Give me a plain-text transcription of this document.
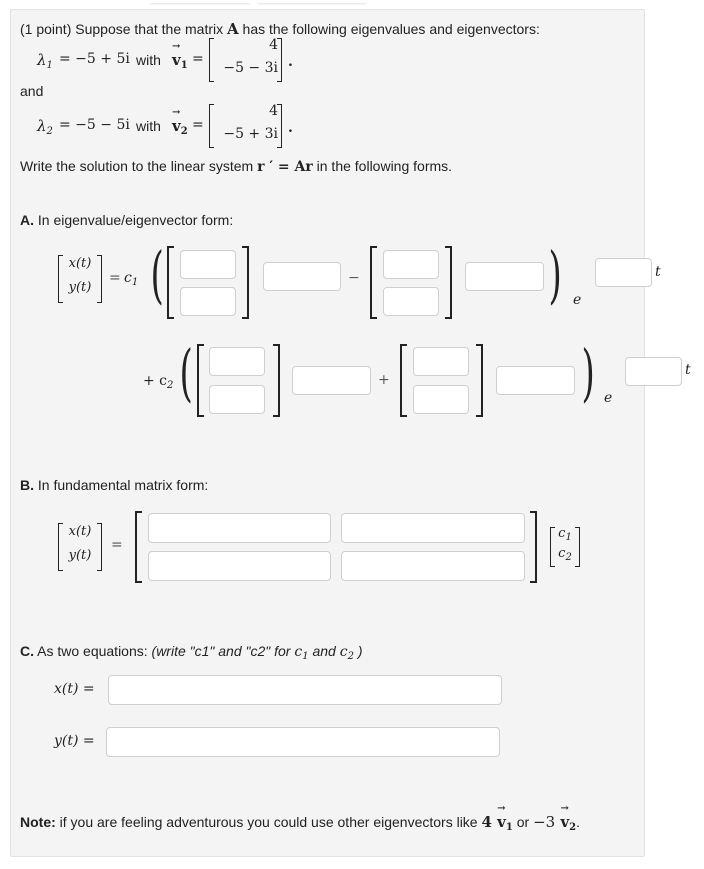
(1 point) Suppose that the matrix A has the following eigenvalues and eigenvectors:
$\lambda_1 = -5 + 5i$ with → $v_1$ =
4
−5 − 3i .
and
$\lambda_2 = -5 - 5i$ with → $v_2$ =
4
−5 + 3i .
Write the solution to the linear system r ′ = Ar in the following forms.
A. In eigenvalue/eigenvector form:
x(t)
y(t)
= $c_1$ (	−	) e
t
+ $c_2$ (	+	) e
t
B. In fundamental matrix form:
x(t)
y(t)
=
$c_1$
$c_2$
C. As two equations: (write "c1" and "c2" for $c_1$ and $c_2$ )
x(t) =
y(t) =
Note: if you are feeling adventurous you could use other eigenvectors like $4 \to v_1$ or $-3 \to v_2$.
